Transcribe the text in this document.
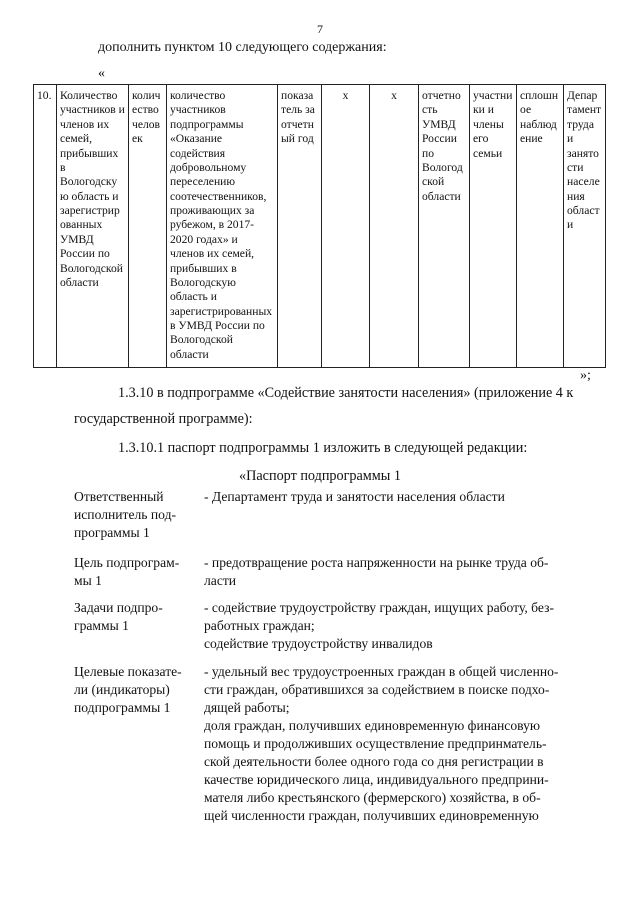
7
дополнить пунктом 10 следующего содержания:
«
10.	Количество участников и членов их семей, прибывших в Вологодскую область и зарегистрированных УМВД России по Вологодской области	количество человек	количество участников подпрограммы «Оказание содействия добровольному переселению соотечественников, проживающих за рубежом, в 2017-2020 годах» и членов их семей, прибывших в Вологодскую область и зарегистрированных в УМВД России по Вологодской области	показатель за отчетный год	х	х	отчетность УМВД России по Вологодской области	участники и члены его семьи	сплошное наблюдение	Департамент труда и занятости населения области
»;
1.3.10 в подпрограмме «Содействие занятости населения» (приложение 4 к
государственной программе):
1.3.10.1 паспорт подпрограммы 1 изложить в следующей редакции:
«Паспорт подпрограммы 1
Ответственный
исполнитель под-
программы 1
- Департамент труда и занятости населения области
Цель подпрограм-
мы 1
- предотвращение роста напряженности на рынке труда об-
ласти
Задачи подпро-
граммы 1
- содействие трудоустройству граждан, ищущих работу, без-
работных граждан;
содействие трудоустройству инвалидов
Целевые показате-
ли (индикаторы)
подпрограммы 1
- удельный вес трудоустроенных граждан в общей численно-
сти граждан, обратившихся за содействием в поиске подхо-
дящей работы;
доля граждан, получивших единовременную финансовую
помощь и продолживших осуществление предпринматель-
ской деятельности более одного года со дня регистрации в
качестве юридического лица, индивидуального предприни-
мателя либо крестьянского (фермерского) хозяйства, в об-
щей численности граждан, получивших единовременную
